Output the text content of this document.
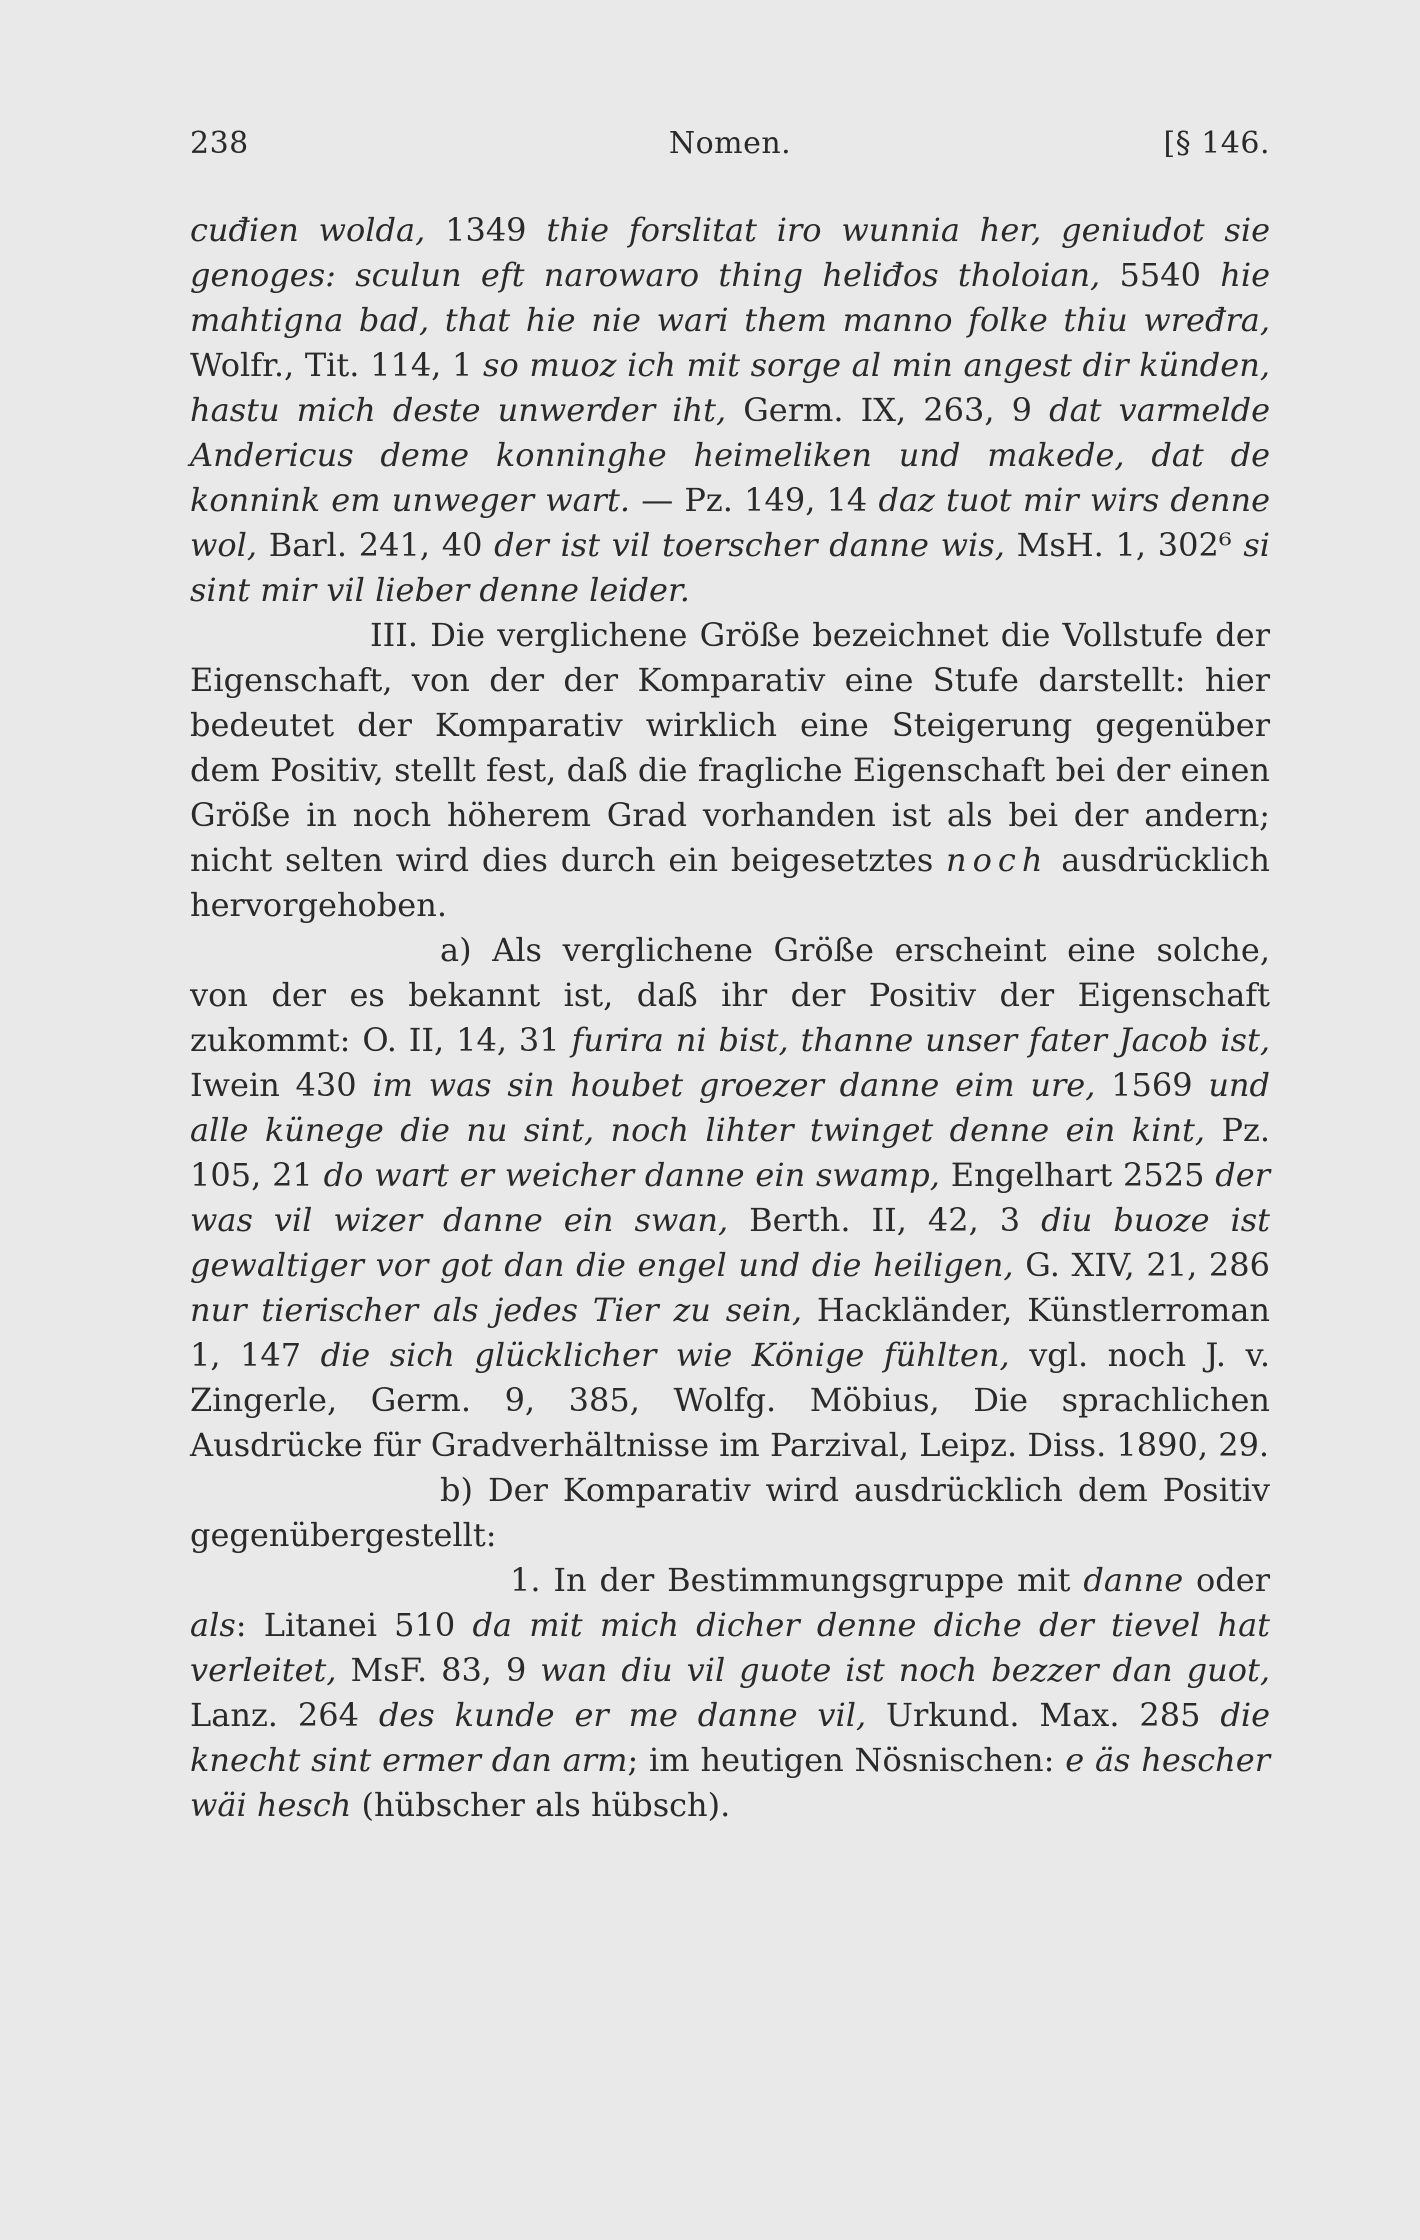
238	Nomen.	[§ 146.

cuđien wolda, 1349 thie forslitat iro wunnia her, geniudot sie genoges: sculun eft narowaro thing heliđos tholoian, 5540 hie mahtigna bad, that hie nie wari them manno folke thiu wređra, Wolfr., Tit. 114, 1 so muoz ich mit sorge al min angest dir künden, hastu mich deste unwerder iht, Germ. IX, 263, 9 dat varmelde Andericus deme konninghe heimeliken und makede, dat de konnink em unweger wart. — Pz. 149, 14 daz tuot mir wirs denne wol, Barl. 241, 40 der ist vil toerscher danne wis, MsH. 1, 302⁶ si sint mir vil lieber denne leider.

III. Die verglichene Größe bezeichnet die Vollstufe der Eigenschaft, von der der Komparativ eine Stufe darstellt: hier bedeutet der Komparativ wirklich eine Steigerung gegenüber dem Positiv, stellt fest, daß die fragliche Eigenschaft bei der einen Größe in noch höherem Grad vorhanden ist als bei der andern; nicht selten wird dies durch ein beigesetztes noch ausdrücklich hervorgehoben.

a) Als verglichene Größe erscheint eine solche, von der es bekannt ist, daß ihr der Positiv der Eigenschaft zukommt: O. II, 14, 31 furira ni bist, thanne unser fater Jacob ist, Iwein 430 im was sin houbet groezer danne eim ure, 1569 und alle künege die nu sint, noch lihter twinget denne ein kint, Pz. 105, 21 do wart er weicher danne ein swamp, Engelhart 2525 der was vil wizer danne ein swan, Berth. II, 42, 3 diu buoze ist gewaltiger vor got dan die engel und die heiligen, G. XIV, 21, 286 nur tierischer als jedes Tier zu sein, Hackländer, Künstlerroman 1, 147 die sich glücklicher wie Könige fühlten, vgl. noch J. v. Zingerle, Germ. 9, 385, Wolfg. Möbius, Die sprachlichen Ausdrücke für Gradverhältnisse im Parzival, Leipz. Diss. 1890, 29.

b) Der Komparativ wird ausdrücklich dem Positiv gegenübergestellt:

1. In der Bestimmungsgruppe mit danne oder als: Litanei 510 da mit mich dicher denne diche der tievel hat verleitet, MsF. 83, 9 wan diu vil guote ist noch bezzer dan guot, Lanz. 264 des kunde er me danne vil, Urkund. Max. 285 die knecht sint ermer dan arm; im heutigen Nösnischen: e äs hescher wäi hesch (hübscher als hübsch).
